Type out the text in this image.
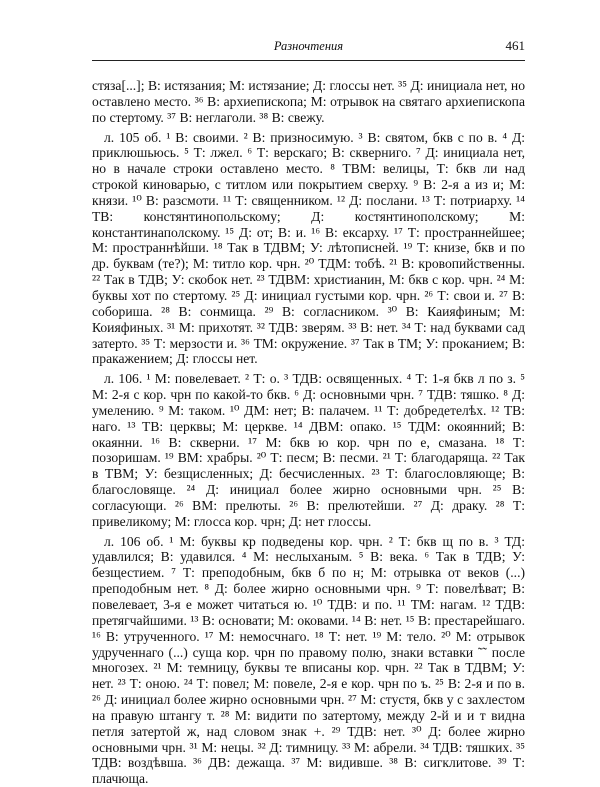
Разночтения	461

стяза[...]; В: истязания; М: истязание; Д: глоссы нет. ³⁵ Д: инициала нет, но оставлено место. ³⁶ В: архиепископа; М: отрывок на святаго архиепископа по стертому. ³⁷ В: неглаголи. ³⁸ В: свежу.

л. 105 об. ¹ В: своими. ² В: призносимую. ³ В: святом, бкв с по в. ⁴ Д: приклюшьюсь. ⁵ Т: лжел. ⁶ Т: верскаго; В: скверниго. ⁷ Д: инициала нет, но в начале строки оставлено место. ⁸ ТВМ: велицы, Т: бкв ли над строкой киноварью, с титлом или покрытием сверху. ⁹ В: 2-я а из и; М: князи. ¹⁰ В: разсмоти. ¹¹ Т: священником. ¹² Д: послани. ¹³ Т: потриарху. ¹⁴ ТВ: констянтинопольскому; Д: костянтинополскому; М: константинаполскому. ¹⁵ Д: от; В: и. ¹⁶ В: ексарху. ¹⁷ Т: пространнейшее; М: пространнѣйши. ¹⁸ Так в ТДВМ; У: лѣтописней. ¹⁹ Т: книзе, бкв и по др. буквам (те?); М: титло кор. чрн. ²⁰ ТДМ: тобѣ. ²¹ В: кровопийственны. ²² Так в ТДВ; У: скобок нет. ²³ ТДВМ: христианин, М: бкв с кор. чрн. ²⁴ М: буквы хот по стертому. ²⁵ Д: инициал густыми кор. чрн. ²⁶ Т: свои и. ²⁷ В: собориша. ²⁸ В: сонмища. ²⁹ В: согласником. ³⁰ В: Каияфиным; М: Коияфиных. ³¹ М: прихотят. ³² ТДВ: зверям. ³³ В: нет. ³⁴ Т: над буквами сад затерто. ³⁵ Т: мерзости и. ³⁶ ТМ: окружение. ³⁷ Так в ТМ; У: проканием; В: пракажением; Д: глоссы нет.

л. 106. ¹ М: повелевает. ² Т: о. ³ ТДВ: освященных. ⁴ Т: 1-я бкв л по з. ⁵ М: 2-я с кор. чрн по какой-то бкв. ⁶ Д: основными чрн. ⁷ ТДВ: тяшко. ⁸ Д: умелению. ⁹ М: таком. ¹⁰ ДМ: нет; В: палачем. ¹¹ Т: добредетелѣх. ¹² ТВ: наго. ¹³ ТВ: церквы; М: церкве. ¹⁴ ДВМ: опако. ¹⁵ ТДМ: окоянний; В: окаянни. ¹⁶ В: скверни. ¹⁷ М: бкв ю кор. чрн по е, смазана. ¹⁸ Т: позоришам. ¹⁹ ВМ: храбры. ²⁰ Т: песм; В: песми. ²¹ Т: благодаряща. ²² Так в ТВМ; У: безщисленных; Д: бесчисленных. ²³ Т: благословляюще; В: благословяще. ²⁴ Д: инициал более жирно основными чрн. ²⁵ В: согласующи. ²⁶ ВМ: прелюты. ²⁶ В: прелютейши. ²⁷ Д: драку. ²⁸ Т: привеликому; М: глосса кор. чрн; Д: нет глоссы.

л. 106 об. ¹ М: буквы кр подведены кор. чрн. ² Т: бкв щ по в. ³ ТД: удавлился; В: удавился. ⁴ М: неслыханым. ⁵ В: века. ⁶ Так в ТДВ; У: безщестием. ⁷ Т: преподобным, бкв б по н; М: отрывка от веков (...) преподобным нет. ⁸ Д: более жирно основными чрн. ⁹ Т: повелѣват; В: повелевает, 3-я е может читаться ю. ¹⁰ ТДВ: и по. ¹¹ ТМ: нагам. ¹² ТДВ: претягчайшими. ¹³ В: основати; М: оковами. ¹⁴ В: нет. ¹⁵ В: престарейшаго. ¹⁶ В: утрученного. ¹⁷ М: немосчнаго. ¹⁸ Т: нет. ¹⁹ М: тело. ²⁰ М: отрывок удрученнаго (...) суща кор. чрн по правому полю, знаки вставки ˜˜ после многозех. ²¹ М: темницу, буквы те вписаны кор. чрн. ²² Так в ТДВМ; У: нет. ²³ Т: оною. ²⁴ Т: повел; М: повеле, 2-я е кор. чрн по ъ. ²⁵ В: 2-я и по в. ²⁶ Д: инициал более жирно основными чрн. ²⁷ М: стустя, бкв у с захлестом на правую штангу т. ²⁸ М: видити по затертому, между 2-й и и т видна петля затертой ж, над словом знак +. ²⁹ ТДВ: нет. ³⁰ Д: более жирно основными чрн. ³¹ М: нецы. ³² Д: тимницу. ³³ М: абрели. ³⁴ ТДВ: тяшких. ³⁵ ТДВ: воздѣвша. ³⁶ ДВ: дежаща. ³⁷ М: видивше. ³⁸ В: сигклитове. ³⁹ Т: плачюща.
